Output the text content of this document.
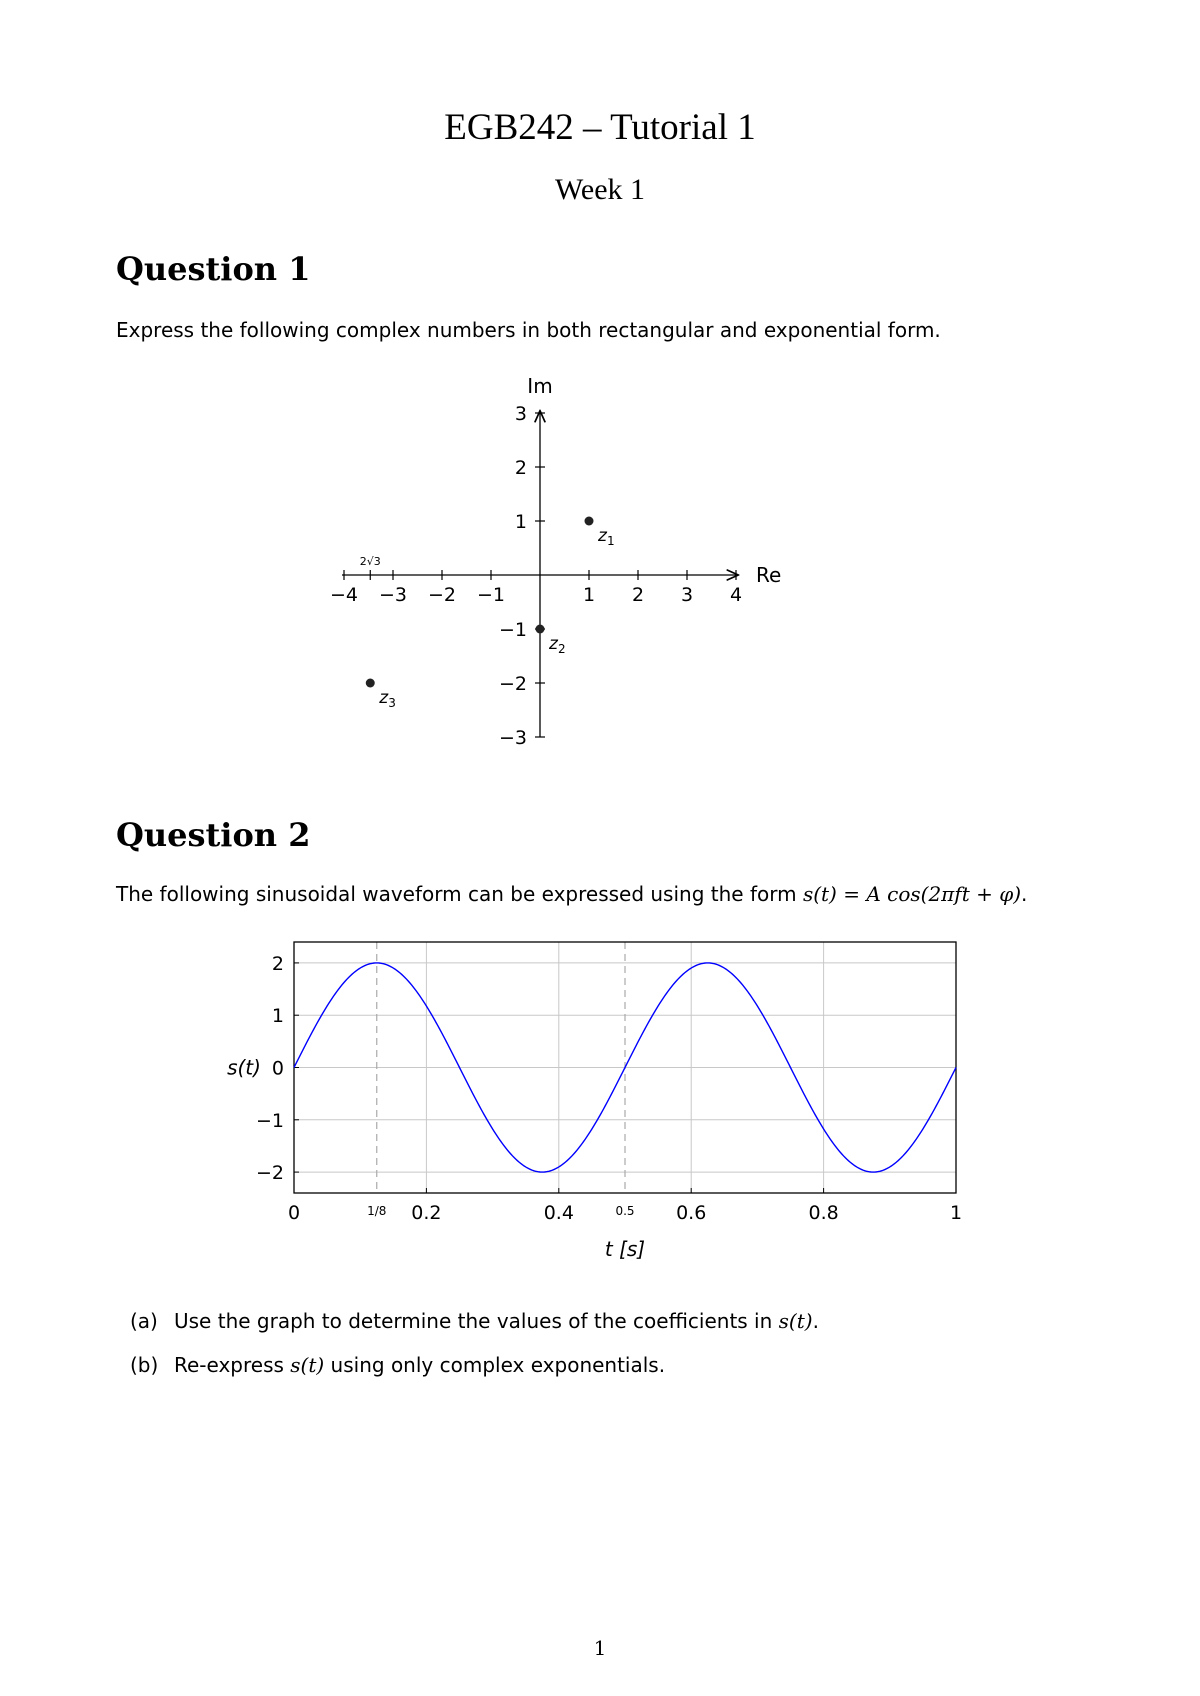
EGB242 – Tutorial 1
Week 1
Question 1
Express the following complex numbers in both rectangular and exponential form.
−4 −3 −2 −1	1 2 3 4
3
2
1
−1
−2
−3
$z_1$
$z_2$
$z_3$
Re
Im
2√3
Question 2
The following sinusoidal waveform can be expressed using the form s(t) = A cos(2πft + φ).
0	0.2	0.4	0.6	0.8	1
1/8	0.5
2
1
0
−1
−2
t [s]
s(t)
(a) Use the graph to determine the values of the coefficients in s(t).
(b) Re-express s(t) using only complex exponentials.
1
